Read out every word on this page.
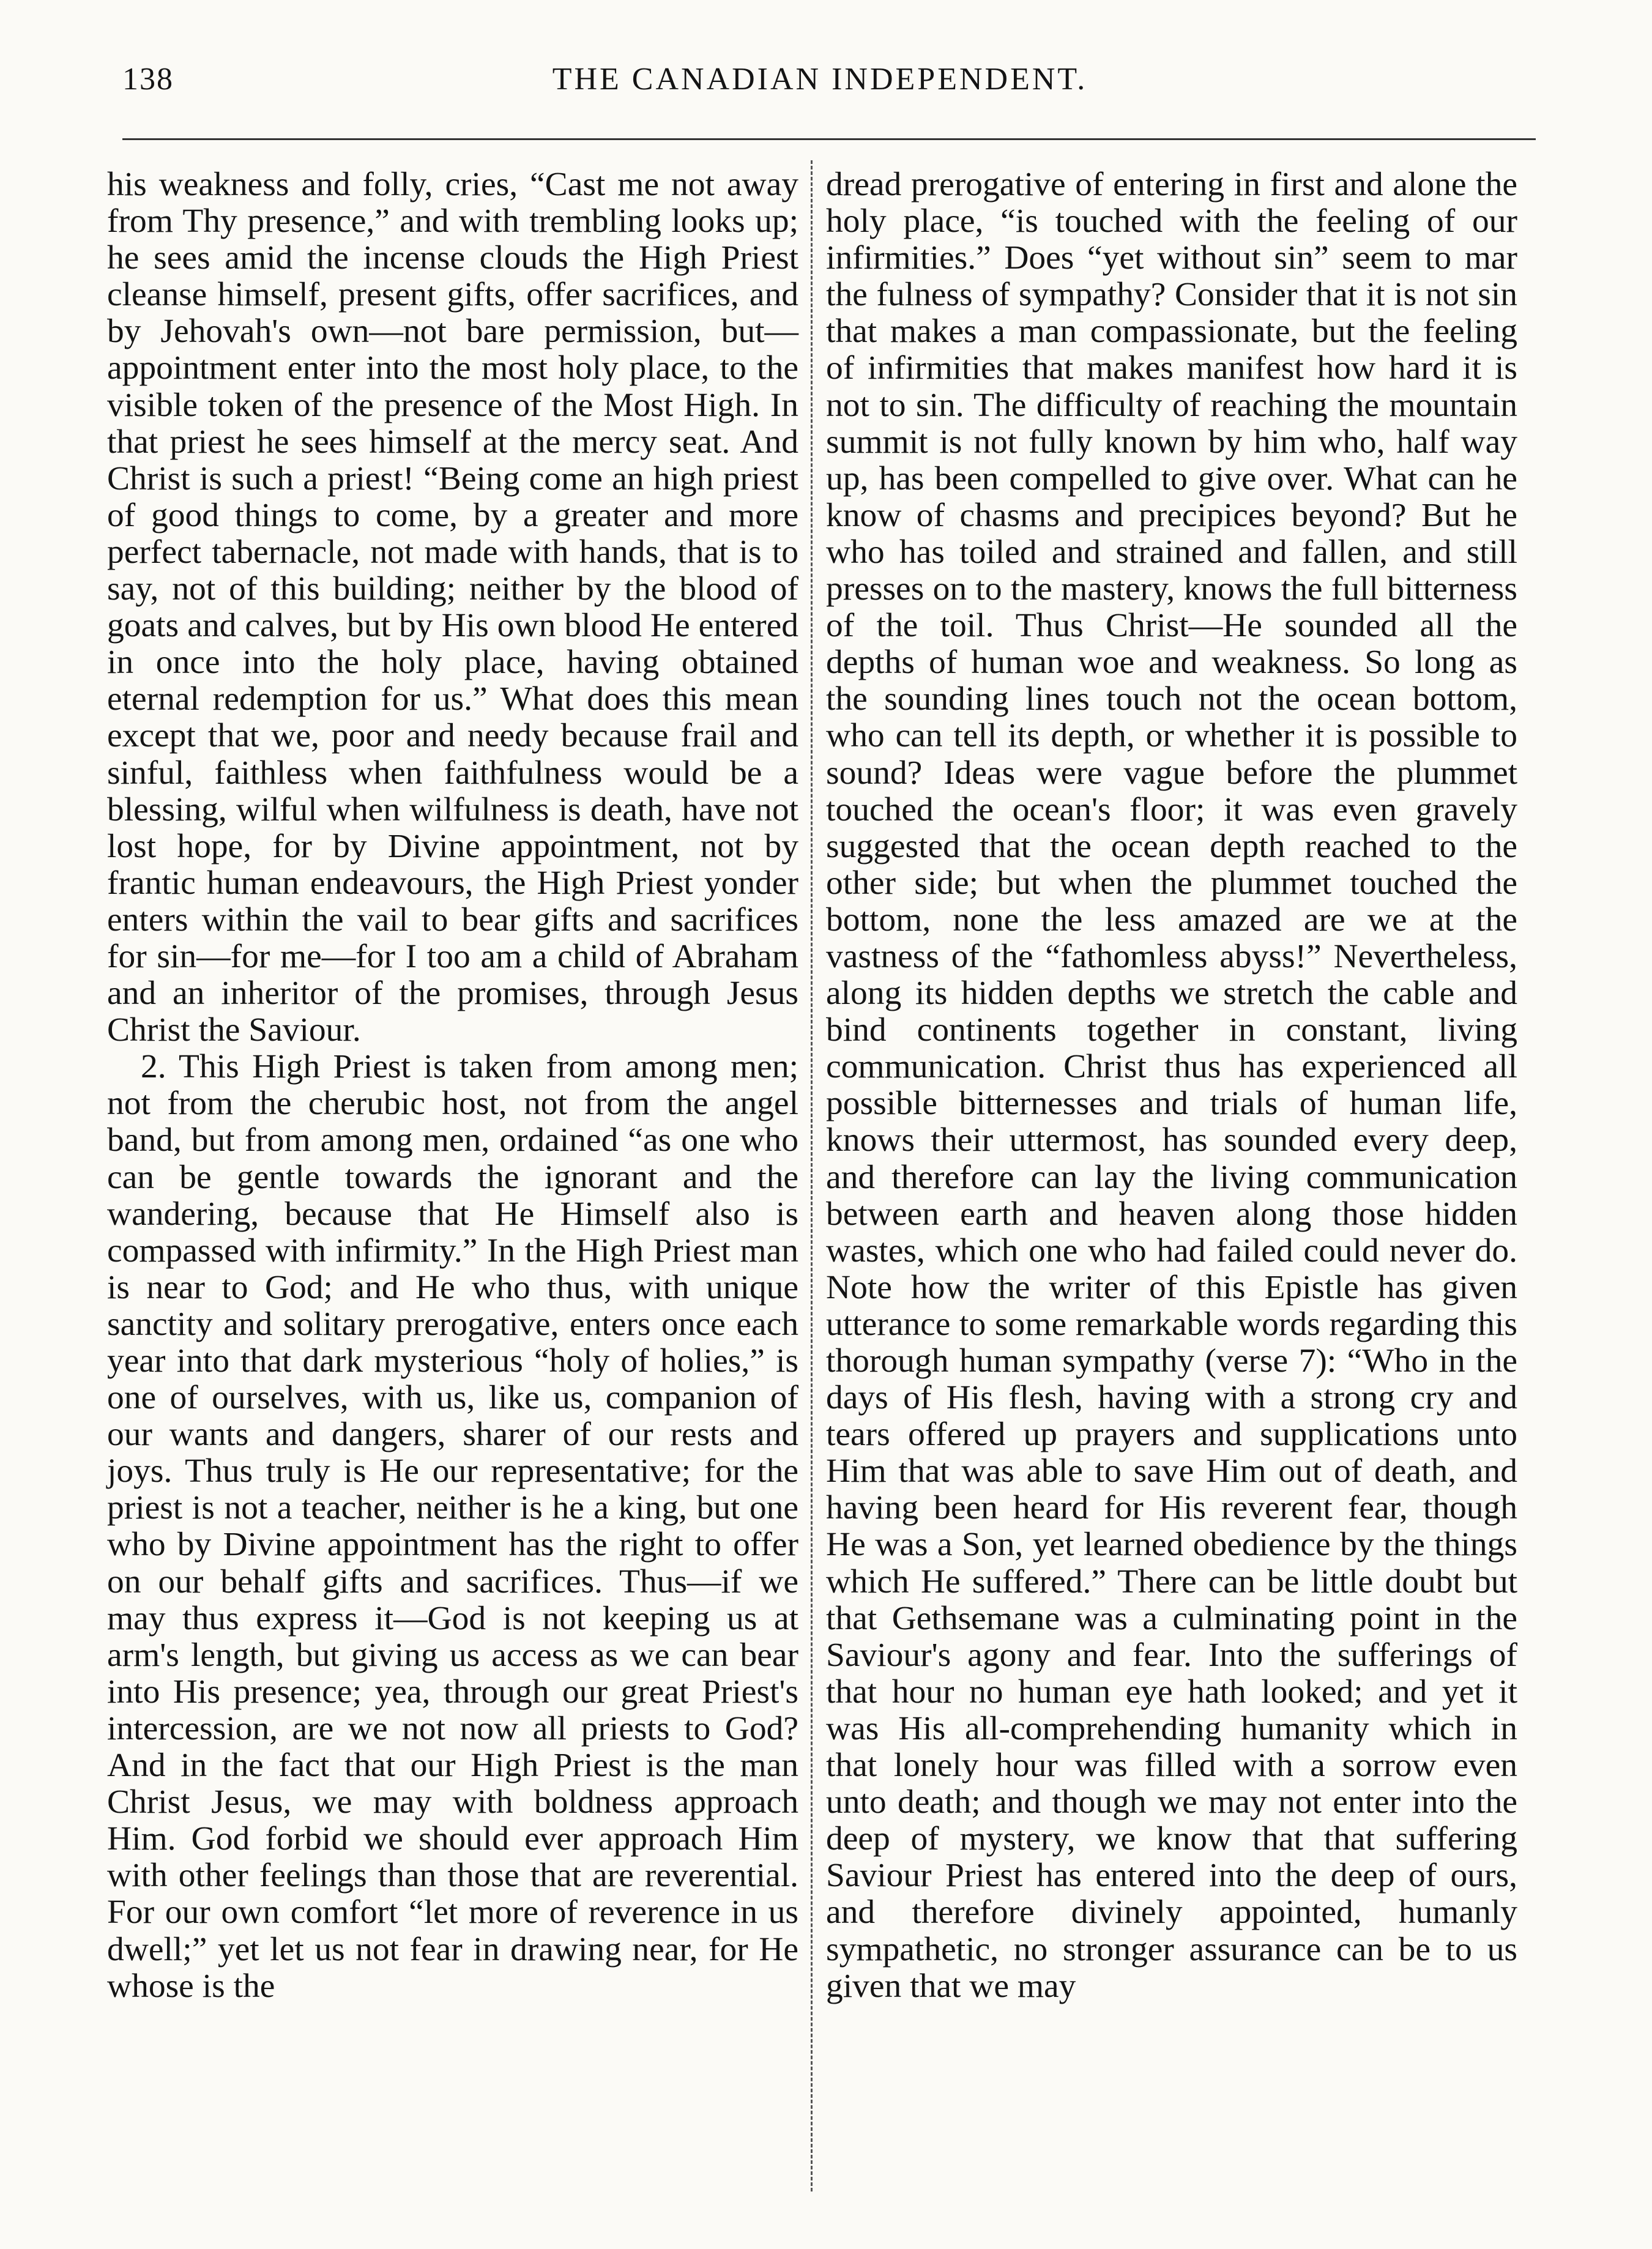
138	THE CANADIAN INDEPENDENT.

his weakness and folly, cries, “Cast me not away from Thy presence,” and with trembling looks up; he sees amid the incense clouds the High Priest cleanse himself, present gifts, offer sacrifices, and by Jehovah's own—not bare permission, but—appointment enter into the most holy place, to the visible token of the presence of the Most High. In that priest he sees himself at the mercy seat. And Christ is such a priest! “Being come an high priest of good things to come, by a greater and more perfect tabernacle, not made with hands, that is to say, not of this building; neither by the blood of goats and calves, but by His own blood He entered in once into the holy place, having obtained eternal redemption for us.” What does this mean except that we, poor and needy because frail and sinful, faithless when faithfulness would be a blessing, wilful when wilfulness is death, have not lost hope, for by Divine appointment, not by frantic human endeavours, the High Priest yonder enters within the vail to bear gifts and sacrifices for sin—for me—for I too am a child of Abraham and an inheritor of the promises, through Jesus Christ the Saviour.

2. This High Priest is taken from among men; not from the cherubic host, not from the angel band, but from among men, ordained “as one who can be gentle towards the ignorant and the wandering, because that He Himself also is compassed with infirmity.” In the High Priest man is near to God; and He who thus, with unique sanctity and solitary prerogative, enters once each year into that dark mysterious “holy of holies,” is one of ourselves, with us, like us, companion of our wants and dangers, sharer of our rests and joys. Thus truly is He our representative; for the priest is not a teacher, neither is he a king, but one who by Divine appointment has the right to offer on our behalf gifts and sacrifices. Thus—if we may thus express it—God is not keeping us at arm's length, but giving us access as we can bear into His presence; yea, through our great Priest's intercession, are we not now all priests to God? And in the fact that our High Priest is the man Christ Jesus, we may with boldness approach Him. God forbid we should ever approach Him with other feelings than those that are reverential. For our own comfort “let more of reverence in us dwell;” yet let us not fear in drawing near, for He whose is the

dread prerogative of entering in first and alone the holy place, “is touched with the feeling of our infirmities.” Does “yet without sin” seem to mar the fulness of sympathy? Consider that it is not sin that makes a man compassionate, but the feeling of infirmities that makes manifest how hard it is not to sin. The difficulty of reaching the mountain summit is not fully known by him who, half way up, has been compelled to give over. What can he know of chasms and precipices beyond? But he who has toiled and strained and fallen, and still presses on to the mastery, knows the full bitterness of the toil. Thus Christ—He sounded all the depths of human woe and weakness. So long as the sounding lines touch not the ocean bottom, who can tell its depth, or whether it is possible to sound? Ideas were vague before the plummet touched the ocean's floor; it was even gravely suggested that the ocean depth reached to the other side; but when the plummet touched the bottom, none the less amazed are we at the vastness of the “fathomless abyss!” Nevertheless, along its hidden depths we stretch the cable and bind continents together in constant, living communication. Christ thus has experienced all possible bitternesses and trials of human life, knows their uttermost, has sounded every deep, and therefore can lay the living communication between earth and heaven along those hidden wastes, which one who had failed could never do. Note how the writer of this Epistle has given utterance to some remarkable words regarding this thorough human sympathy (verse 7): “Who in the days of His flesh, having with a strong cry and tears offered up prayers and supplications unto Him that was able to save Him out of death, and having been heard for His reverent fear, though He was a Son, yet learned obedience by the things which He suffered.” There can be little doubt but that Gethsemane was a culminating point in the Saviour's agony and fear. Into the sufferings of that hour no human eye hath looked; and yet it was His all-comprehending humanity which in that lonely hour was filled with a sorrow even unto death; and though we may not enter into the deep of mystery, we know that that suffering Saviour Priest has entered into the deep of ours, and therefore divinely appointed, humanly sympathetic, no stronger assurance can be to us given that we may
